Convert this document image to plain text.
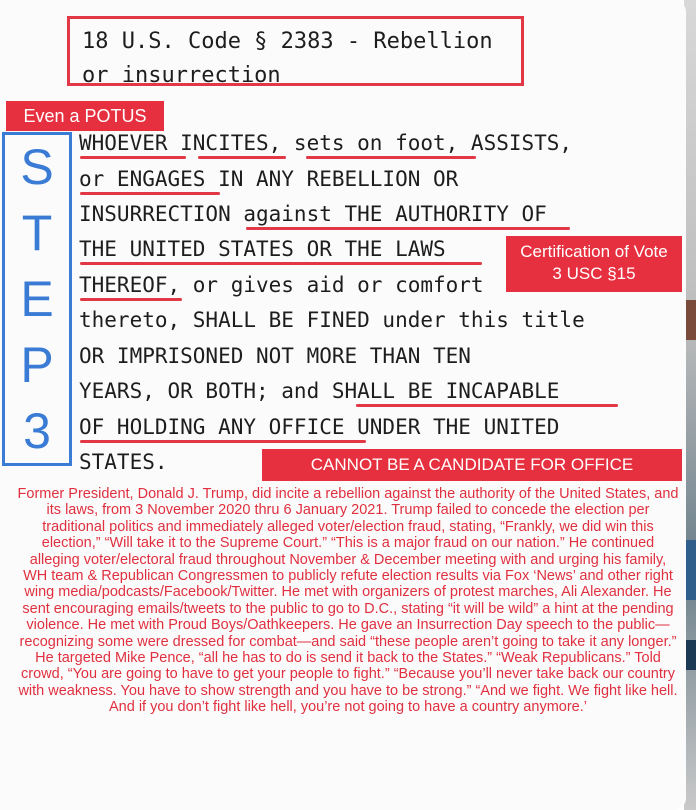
18 U.S. Code § 2383 - Rebellion or insurrection
Even a POTUS
S
T
E
P
3
WHOEVER INCITES, sets on foot, ASSISTS,
or ENGAGES IN ANY REBELLION OR
INSURRECTION against THE AUTHORITY OF
THE UNITED STATES OR THE LAWS
THEREOF, or gives aid or comfort
thereto, SHALL BE FINED under this title
OR IMPRISONED NOT MORE THAN TEN
YEARS, OR BOTH; and SHALL BE INCAPABLE
OF HOLDING ANY OFFICE UNDER THE UNITED
STATES.
Certification of Vote
3 USC §15
CANNOT BE A CANDIDATE FOR OFFICE
Former President, Donald J. Trump, did incite a rebellion against the authority of the United States, and its laws, from 3 November 2020 thru 6 January 2021. Trump failed to concede the election per traditional politics and immediately alleged voter/election fraud, stating, “Frankly, we did win this election,” “Will take it to the Supreme Court.” “This is a major fraud on our nation.” He continued alleging voter/electoral fraud throughout November & December meeting with and urging his family, WH team & Republican Congressmen to publicly refute election results via Fox ‘News’ and other right wing media/podcasts/Facebook/Twitter. He met with organizers of protest marches, Ali Alexander. He sent encouraging emails/tweets to the public to go to D.C., stating “it will be wild” a hint at the pending violence. He met with Proud Boys/Oathkeepers. He gave an Insurrection Day speech to the public—recognizing some were dressed for combat—and said “these people aren’t going to take it any longer.” He targeted Mike Pence, “all he has to do is send it back to the States.” “Weak Republicans.” Told crowd, “You are going to have to get your people to fight.” “Because you’ll never take back our country with weakness. You have to show strength and you have to be strong.” “And we fight. We fight like hell. And if you don’t fight like hell, you’re not going to have a country anymore.’
